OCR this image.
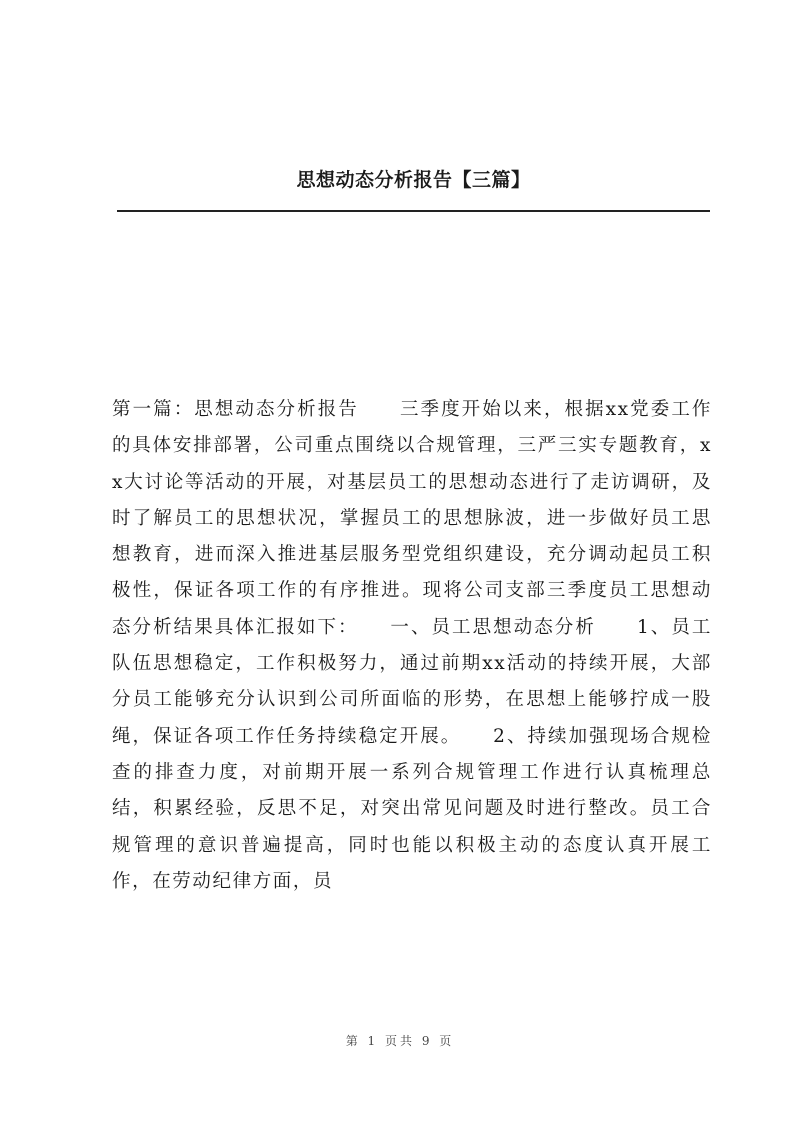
思想动态分析报告【三篇】

第一篇：思想动态分析报告　　三季度开始以来，根据xx党委工作的具体安排部署，公司重点围绕以合规管理，三严三实专题教育，xx大讨论等活动的开展，对基层员工的思想动态进行了走访调研，及时了解员工的思想状况，掌握员工的思想脉波，进一步做好员工思想教育，进而深入推进基层服务型党组织建设，充分调动起员工积极性，保证各项工作的有序推进。现将公司支部三季度员工思想动态分析结果具体汇报如下：　　一、员工思想动态分析　　1、员工队伍思想稳定，工作积极努力，通过前期xx活动的持续开展，大部分员工能够充分认识到公司所面临的形势，在思想上能够拧成一股绳，保证各项工作任务持续稳定开展。　　2、持续加强现场合规检查的排查力度，对前期开展一系列合规管理工作进行认真梳理总结，积累经验，反思不足，对突出常见问题及时进行整改。员工合规管理的意识普遍提高，同时也能以积极主动的态度认真开展工作，在劳动纪律方面，员

第 1 页共 9 页
